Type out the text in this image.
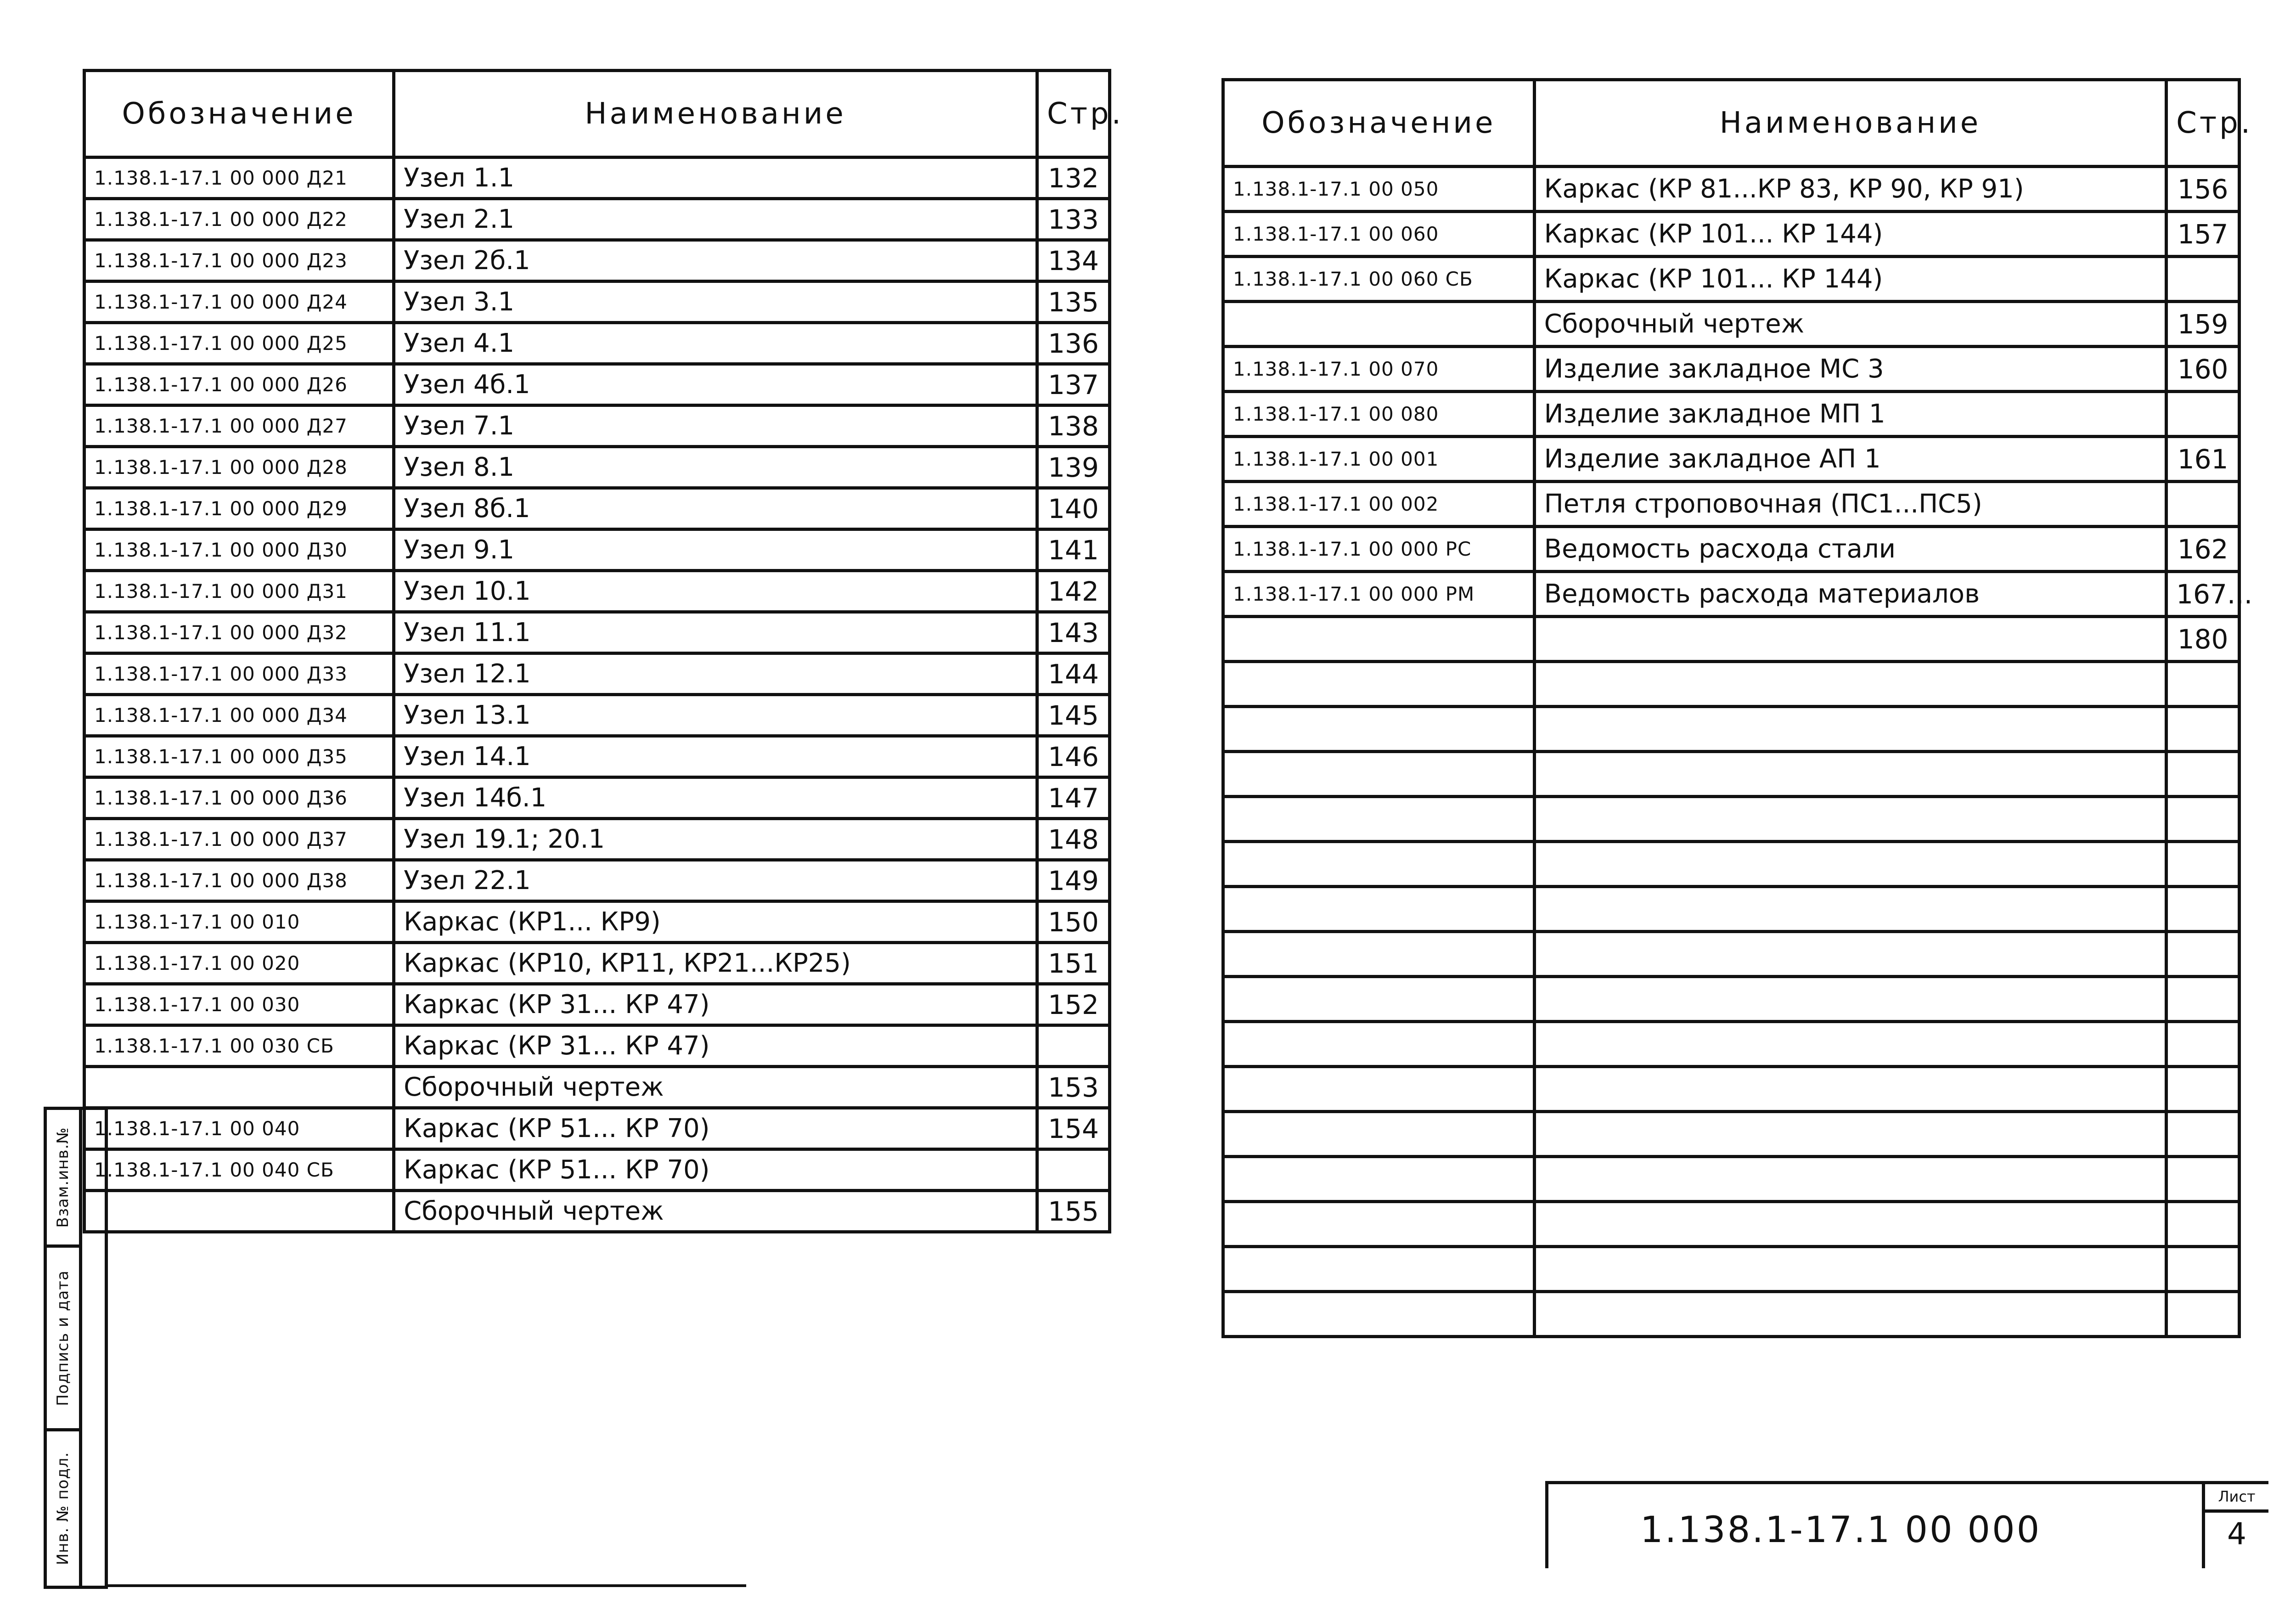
Обозначение	Наименование	Стр.
1.138.1-17.1 00 000 Д21	Узел 1.1	132
1.138.1-17.1 00 000 Д22	Узел 2.1	133
1.138.1-17.1 00 000 Д23	Узел 2б.1	134
1.138.1-17.1 00 000 Д24	Узел 3.1	135
1.138.1-17.1 00 000 Д25	Узел 4.1	136
1.138.1-17.1 00 000 Д26	Узел 4б.1	137
1.138.1-17.1 00 000 Д27	Узел 7.1	138
1.138.1-17.1 00 000 Д28	Узел 8.1	139
1.138.1-17.1 00 000 Д29	Узел 8б.1	140
1.138.1-17.1 00 000 Д30	Узел 9.1	141
1.138.1-17.1 00 000 Д31	Узел 10.1	142
1.138.1-17.1 00 000 Д32	Узел 11.1	143
1.138.1-17.1 00 000 Д33	Узел 12.1	144
1.138.1-17.1 00 000 Д34	Узел 13.1	145
1.138.1-17.1 00 000 Д35	Узел 14.1	146
1.138.1-17.1 00 000 Д36	Узел 14б.1	147
1.138.1-17.1 00 000 Д37	Узел 19.1; 20.1	148
1.138.1-17.1 00 000 Д38	Узел 22.1	149
1.138.1-17.1 00 010	Каркас (КР1... КР9)	150
1.138.1-17.1 00 020	Каркас (КР10, КР11, КР21...КР25)	151
1.138.1-17.1 00 030	Каркас (КР 31... КР 47)	152
1.138.1-17.1 00 030 СБ	Каркас (КР 31... КР 47)	
	Сборочный чертеж	153
1.138.1-17.1 00 040	Каркас (КР 51... КР 70)	154
1.138.1-17.1 00 040 СБ	Каркас (КР 51... КР 70)	
	Сборочный чертеж	155
Обозначение	Наименование	Стр.
1.138.1-17.1 00 050	Каркас (КР 81...КР 83, КР 90, КР 91)	156
1.138.1-17.1 00 060	Каркас (КР 101... КР 144)	157
1.138.1-17.1 00 060 СБ	Каркас (КР 101... КР 144)	
	Сборочный чертеж	159
1.138.1-17.1 00 070	Изделие закладное МС 3	160
1.138.1-17.1 00 080	Изделие закладное МП 1	
1.138.1-17.1 00 001	Изделие закладное АП 1	161
1.138.1-17.1 00 002	Петля строповочная (ПС1...ПС5)	
1.138.1-17.1 00 000 РС	Ведомость расхода стали	162
1.138.1-17.1 00 000 РМ	Ведомость расхода материалов	167...
		180

Взам.инв.№
Подпись и дата
Инв. № подл.	1.138.1-17.1 00 000
Лист
4
